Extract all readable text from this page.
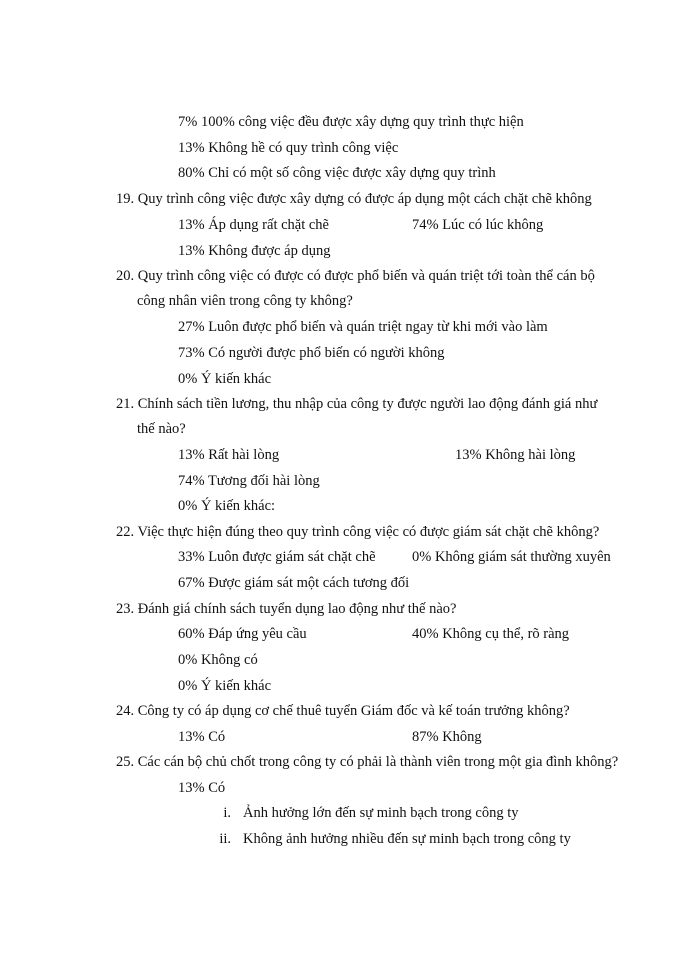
7% 100% công việc đều được xây dựng quy trình thực hiện
13% Không hề có quy trình công việc
80% Chỉ có một số công việc được xây dựng quy trình
19. Quy trình công việc được xây dựng có được áp dụng một cách chặt chẽ không
13% Áp dụng rất chặt chẽ	74% Lúc có lúc không
13% Không được áp dụng
20. Quy trình công việc có được có được phổ biến và quán triệt tới toàn thể cán bộ
công nhân viên trong công ty không?
27% Luôn được phổ biến và quán triệt ngay từ khi mới vào làm
73% Có người được phổ biến có người không
0% Ý kiến khác
21. Chính sách tiền lương, thu nhập của công ty được người lao động đánh giá như
thế nào?
13% Rất hài lòng	13% Không hài lòng
74% Tương đối hài lòng
0% Ý kiến khác:
22. Việc thực hiện đúng theo quy trình công việc có được giám sát chặt chẽ không?
33% Luôn được giám sát chặt chẽ	0% Không giám sát thường xuyên
67% Được giám sát một cách tương đối
23. Đánh giá chính sách tuyển dụng lao động như thế nào?
60% Đáp ứng yêu cầu	40% Không cụ thể, rõ ràng
0% Không có
0% Ý kiến khác
24. Công ty có áp dụng cơ chế thuê tuyển Giám đốc và kế toán trưởng không?
13% Có	87% Không
25. Các cán bộ chủ chốt trong công ty có phải là thành viên trong một gia đình không?
13% Có
i. Ảnh hưởng lớn đến sự minh bạch trong công ty
ii. Không ảnh hưởng nhiều đến sự minh bạch trong công ty
